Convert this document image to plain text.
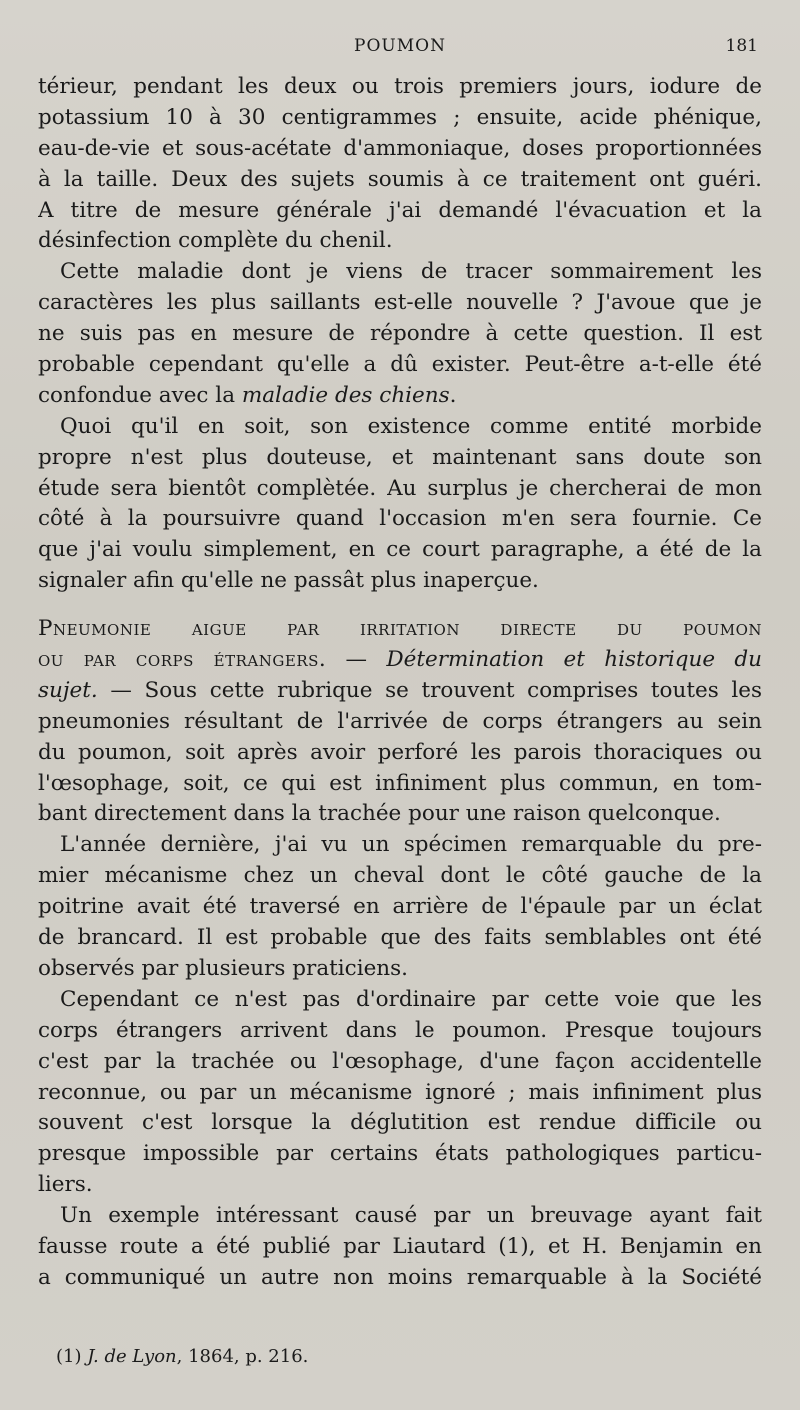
POUMON	181
térieur, pendant les deux ou trois premiers jours, iodure de
potassium 10 à 30 centigrammes ; ensuite, acide phénique,
eau-de-vie et sous-acétate d'ammoniaque, doses proportionnées
à la taille. Deux des sujets soumis à ce traitement ont guéri.
A titre de mesure générale j'ai demandé l'évacuation et la
désinfection complète du chenil.
Cette maladie dont je viens de tracer sommairement les
caractères les plus saillants est-elle nouvelle ? J'avoue que je
ne suis pas en mesure de répondre à cette question. Il est
probable cependant qu'elle a dû exister. Peut-être a-t-elle été
confondue avec la maladie des chiens.
Quoi qu'il en soit, son existence comme entité morbide
propre n'est plus douteuse, et maintenant sans doute son
étude sera bientôt complètée. Au surplus je chercherai de mon
côté à la poursuivre quand l'occasion m'en sera fournie. Ce
que j'ai voulu simplement, en ce court paragraphe, a été de la
signaler afin qu'elle ne passât plus inaperçue.
Pneumonie aigue par irritation directe du poumon
ou par corps étrangers. — Détermination et historique du
sujet. — Sous cette rubrique se trouvent comprises toutes les
pneumonies résultant de l'arrivée de corps étrangers au sein
du poumon, soit après avoir perforé les parois thoraciques ou
l'œsophage, soit, ce qui est infiniment plus commun, en tom-
bant directement dans la trachée pour une raison quelconque.
L'année dernière, j'ai vu un spécimen remarquable du pre-
mier mécanisme chez un cheval dont le côté gauche de la
poitrine avait été traversé en arrière de l'épaule par un éclat
de brancard. Il est probable que des faits semblables ont été
observés par plusieurs praticiens.
Cependant ce n'est pas d'ordinaire par cette voie que les
corps étrangers arrivent dans le poumon. Presque toujours
c'est par la trachée ou l'œsophage, d'une façon accidentelle
reconnue, ou par un mécanisme ignoré ; mais infiniment plus
souvent c'est lorsque la déglutition est rendue difficile ou
presque impossible par certains états pathologiques particu-
liers.
Un exemple intéressant causé par un breuvage ayant fait
fausse route a été publié par Liautard (1), et H. Benjamin en
a communiqué un autre non moins remarquable à la Société
(1) J. de Lyon, 1864, p. 216.
